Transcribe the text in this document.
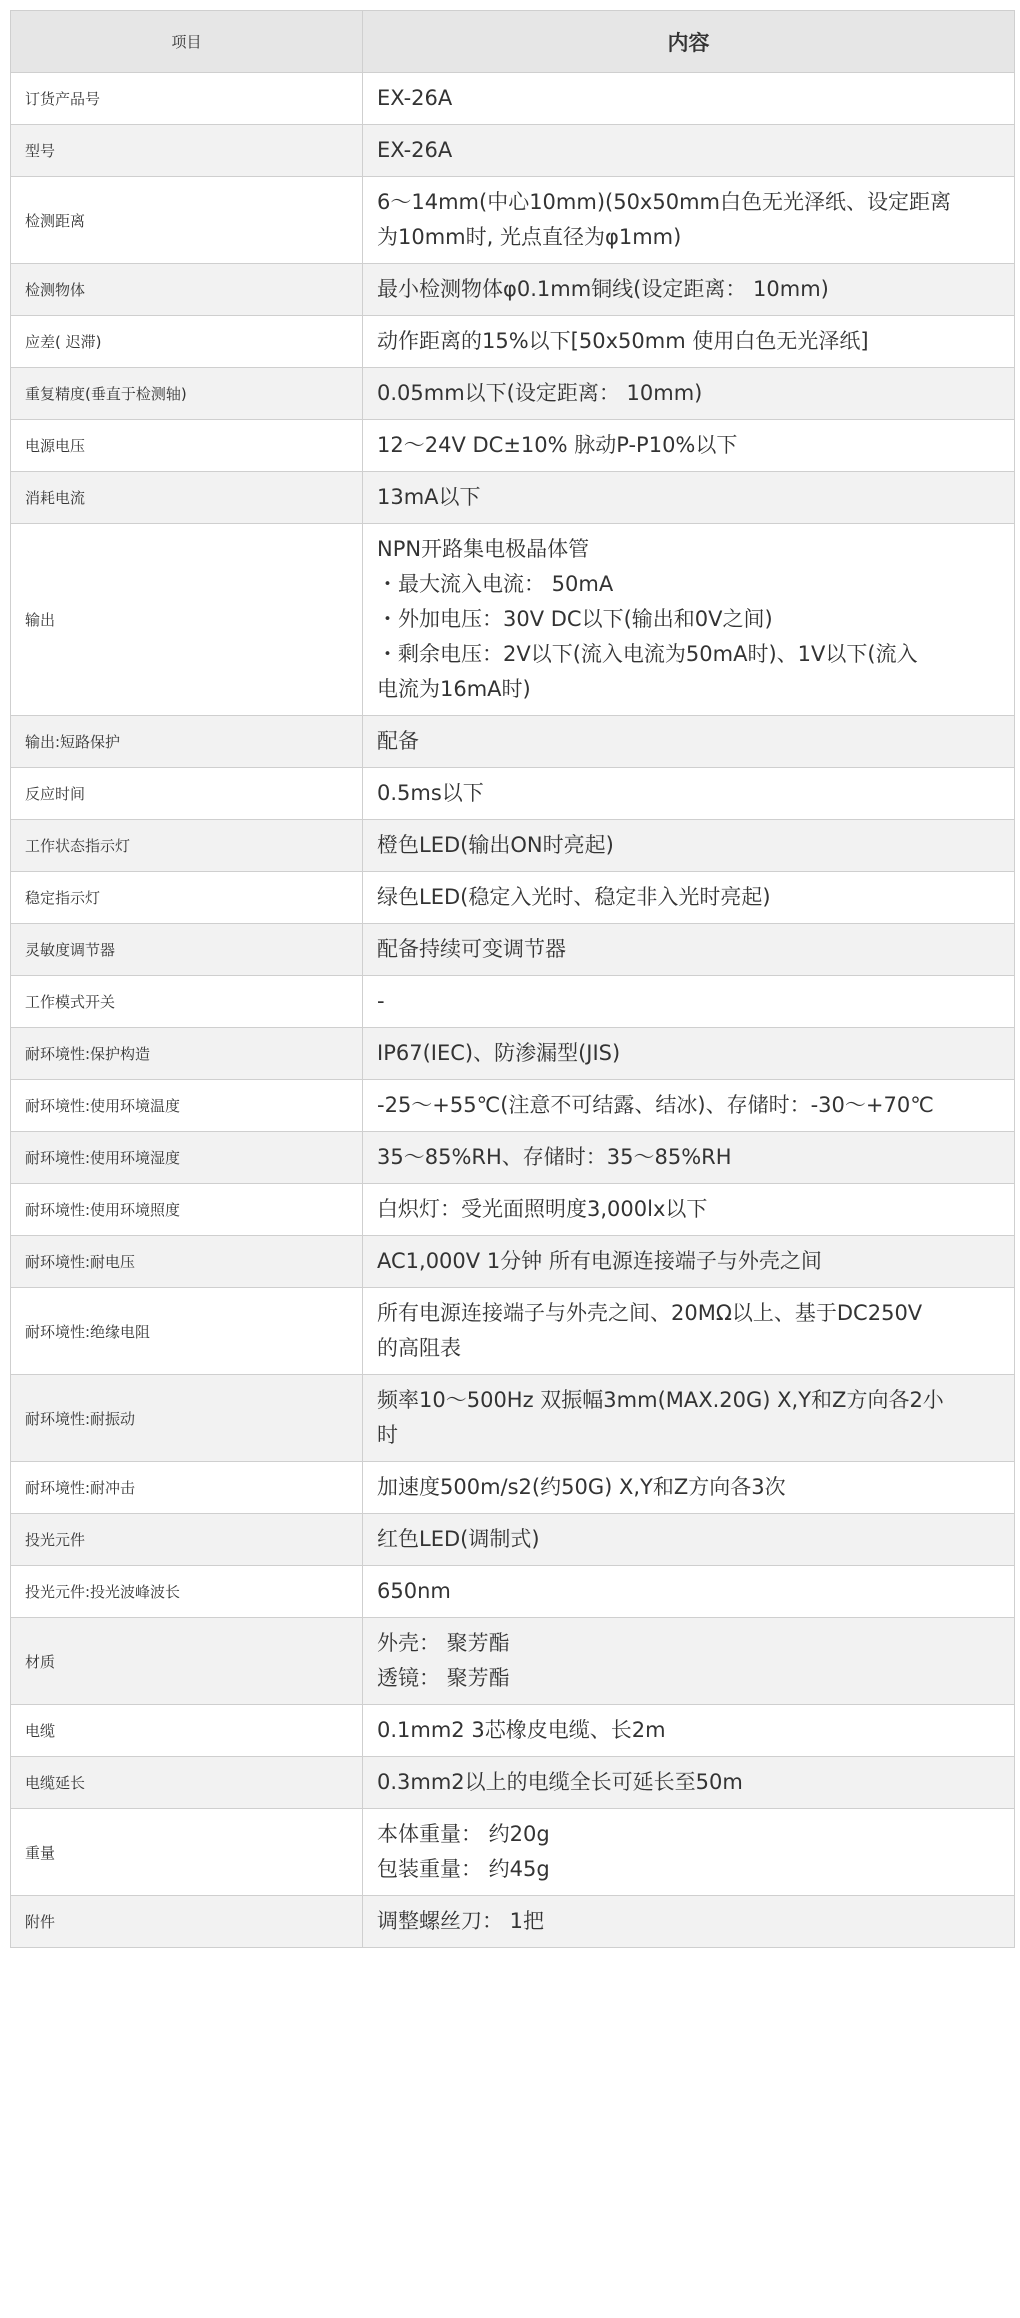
项目	内容
订货产品号	EX-26A

型号	EX-26A

检测距离	6～14mm(中心10mm)(50x50mm白色无光泽纸、设定距离
为10mm时, 光点直径为φ1mm)

检测物体	最小检测物体φ0.1mm铜线(设定距离： 10mm)

应差( 迟滞)	动作距离的15%以下[50x50mm 使用白色无光泽纸]

重复精度(垂直于检测轴)	0.05mm以下(设定距离： 10mm)

电源电压	12～24V DC±10% 脉动P-P10%以下

消耗电流	13mA以下

输出	NPN开路集电极晶体管
・最大流入电流： 50mA
・外加电压：30V DC以下(输出和0V之间)
・剩余电压：2V以下(流入电流为50mA时)、1V以下(流入
电流为16mA时)

输出:短路保护	配备

反应时间	0.5ms以下

工作状态指示灯	橙色LED(输出ON时亮起)

稳定指示灯	绿色LED(稳定入光时、稳定非入光时亮起)

灵敏度调节器	配备持续可变调节器

工作模式开关	-

耐环境性:保护构造	IP67(IEC)、防渗漏型(JIS)

耐环境性:使用环境温度	-25～+55℃(注意不可结露、结冰)、存储时：-30～+70℃

耐环境性:使用环境湿度	35～85%RH、存储时：35～85%RH

耐环境性:使用环境照度	白炽灯：受光面照明度3,000lx以下

耐环境性:耐电压	AC1,000V 1分钟 所有电源连接端子与外壳之间

耐环境性:绝缘电阻	所有电源连接端子与外壳之间、20MΩ以上、基于DC250V
的高阻表

耐环境性:耐振动	频率10～500Hz 双振幅3mm(MAX.20G) X,Y和Z方向各2小
时

耐环境性:耐冲击	加速度500m/s2(约50G) X,Y和Z方向各3次

投光元件	红色LED(调制式)

投光元件:投光波峰波长	650nm

材质	外壳： 聚芳酯
透镜： 聚芳酯

电缆	0.1mm2 3芯橡皮电缆、长2m

电缆延长	0.3mm2以上的电缆全长可延长至50m

重量	本体重量： 约20g
包装重量： 约45g

附件	调整螺丝刀： 1把
